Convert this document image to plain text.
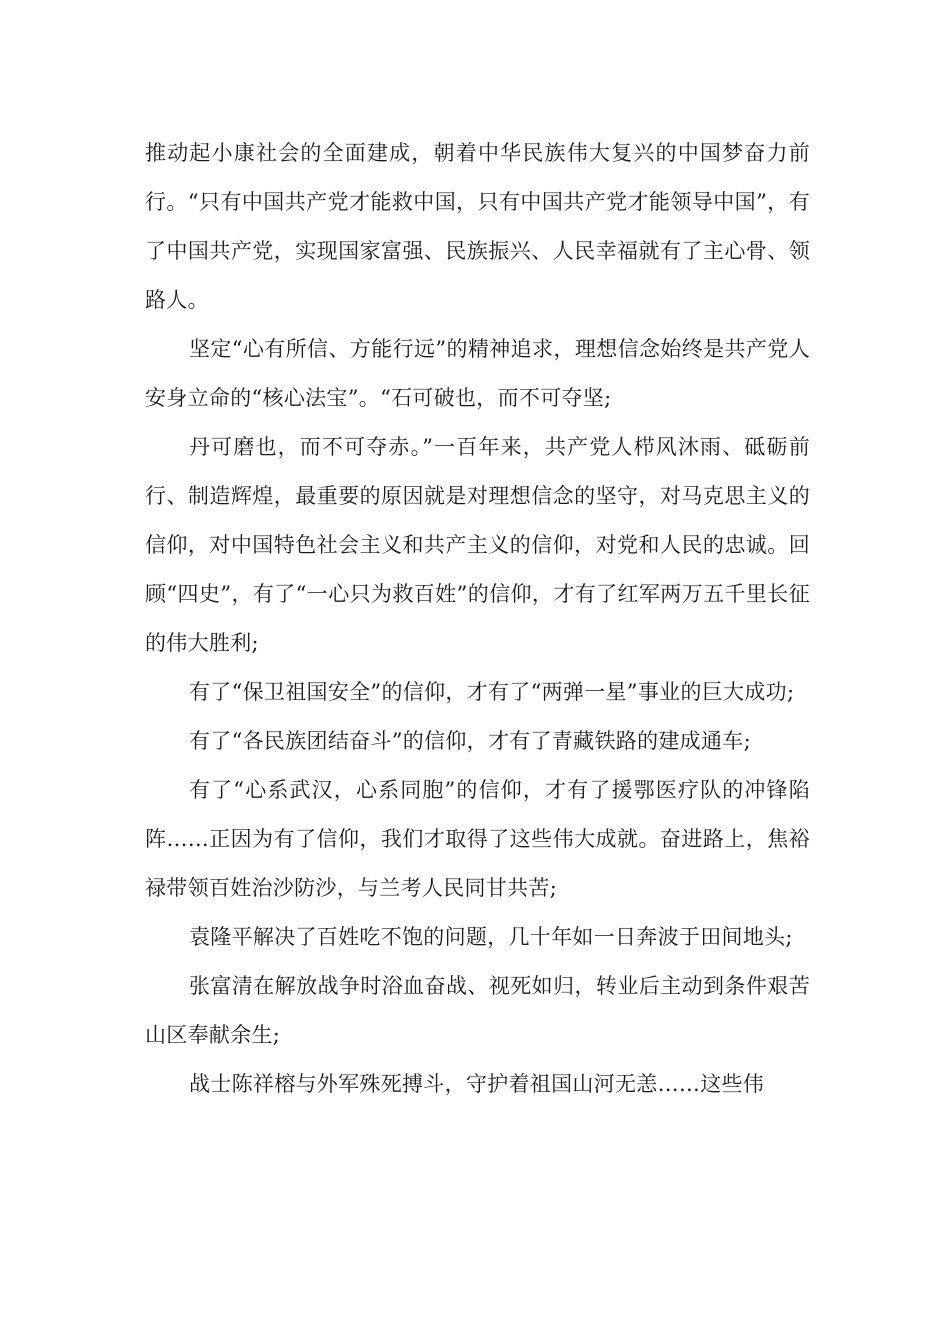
推动起小康社会的全面建成，朝着中华民族伟大复兴的中国梦奋力前行。“只有中国共产党才能救中国，只有中国共产党才能领导中国”，有了中国共产党，实现国家富强、民族振兴、人民幸福就有了主心骨、领路人。

坚定“心有所信、方能行远”的精神追求，理想信念始终是共产党人安身立命的“核心法宝”。“石可破也，而不可夺坚;

丹可磨也，而不可夺赤。”一百年来，共产党人栉风沐雨、砥砺前行、制造辉煌，最重要的原因就是对理想信念的坚守，对马克思主义的信仰，对中国特色社会主义和共产主义的信仰，对党和人民的忠诚。回顾“四史”，有了“一心只为救百姓”的信仰，才有了红军两万五千里长征的伟大胜利;

有了“保卫祖国安全”的信仰，才有了“两弹一星”事业的巨大成功;

有了“各民族团结奋斗”的信仰，才有了青藏铁路的建成通车;

有了“心系武汉，心系同胞”的信仰，才有了援鄂医疗队的冲锋陷阵……正因为有了信仰，我们才取得了这些伟大成就。奋进路上，焦裕禄带领百姓治沙防沙，与兰考人民同甘共苦;

袁隆平解决了百姓吃不饱的问题，几十年如一日奔波于田间地头;

张富清在解放战争时浴血奋战、视死如归，转业后主动到条件艰苦山区奉献余生;

战士陈祥榕与外军殊死搏斗，守护着祖国山河无恙……这些伟
